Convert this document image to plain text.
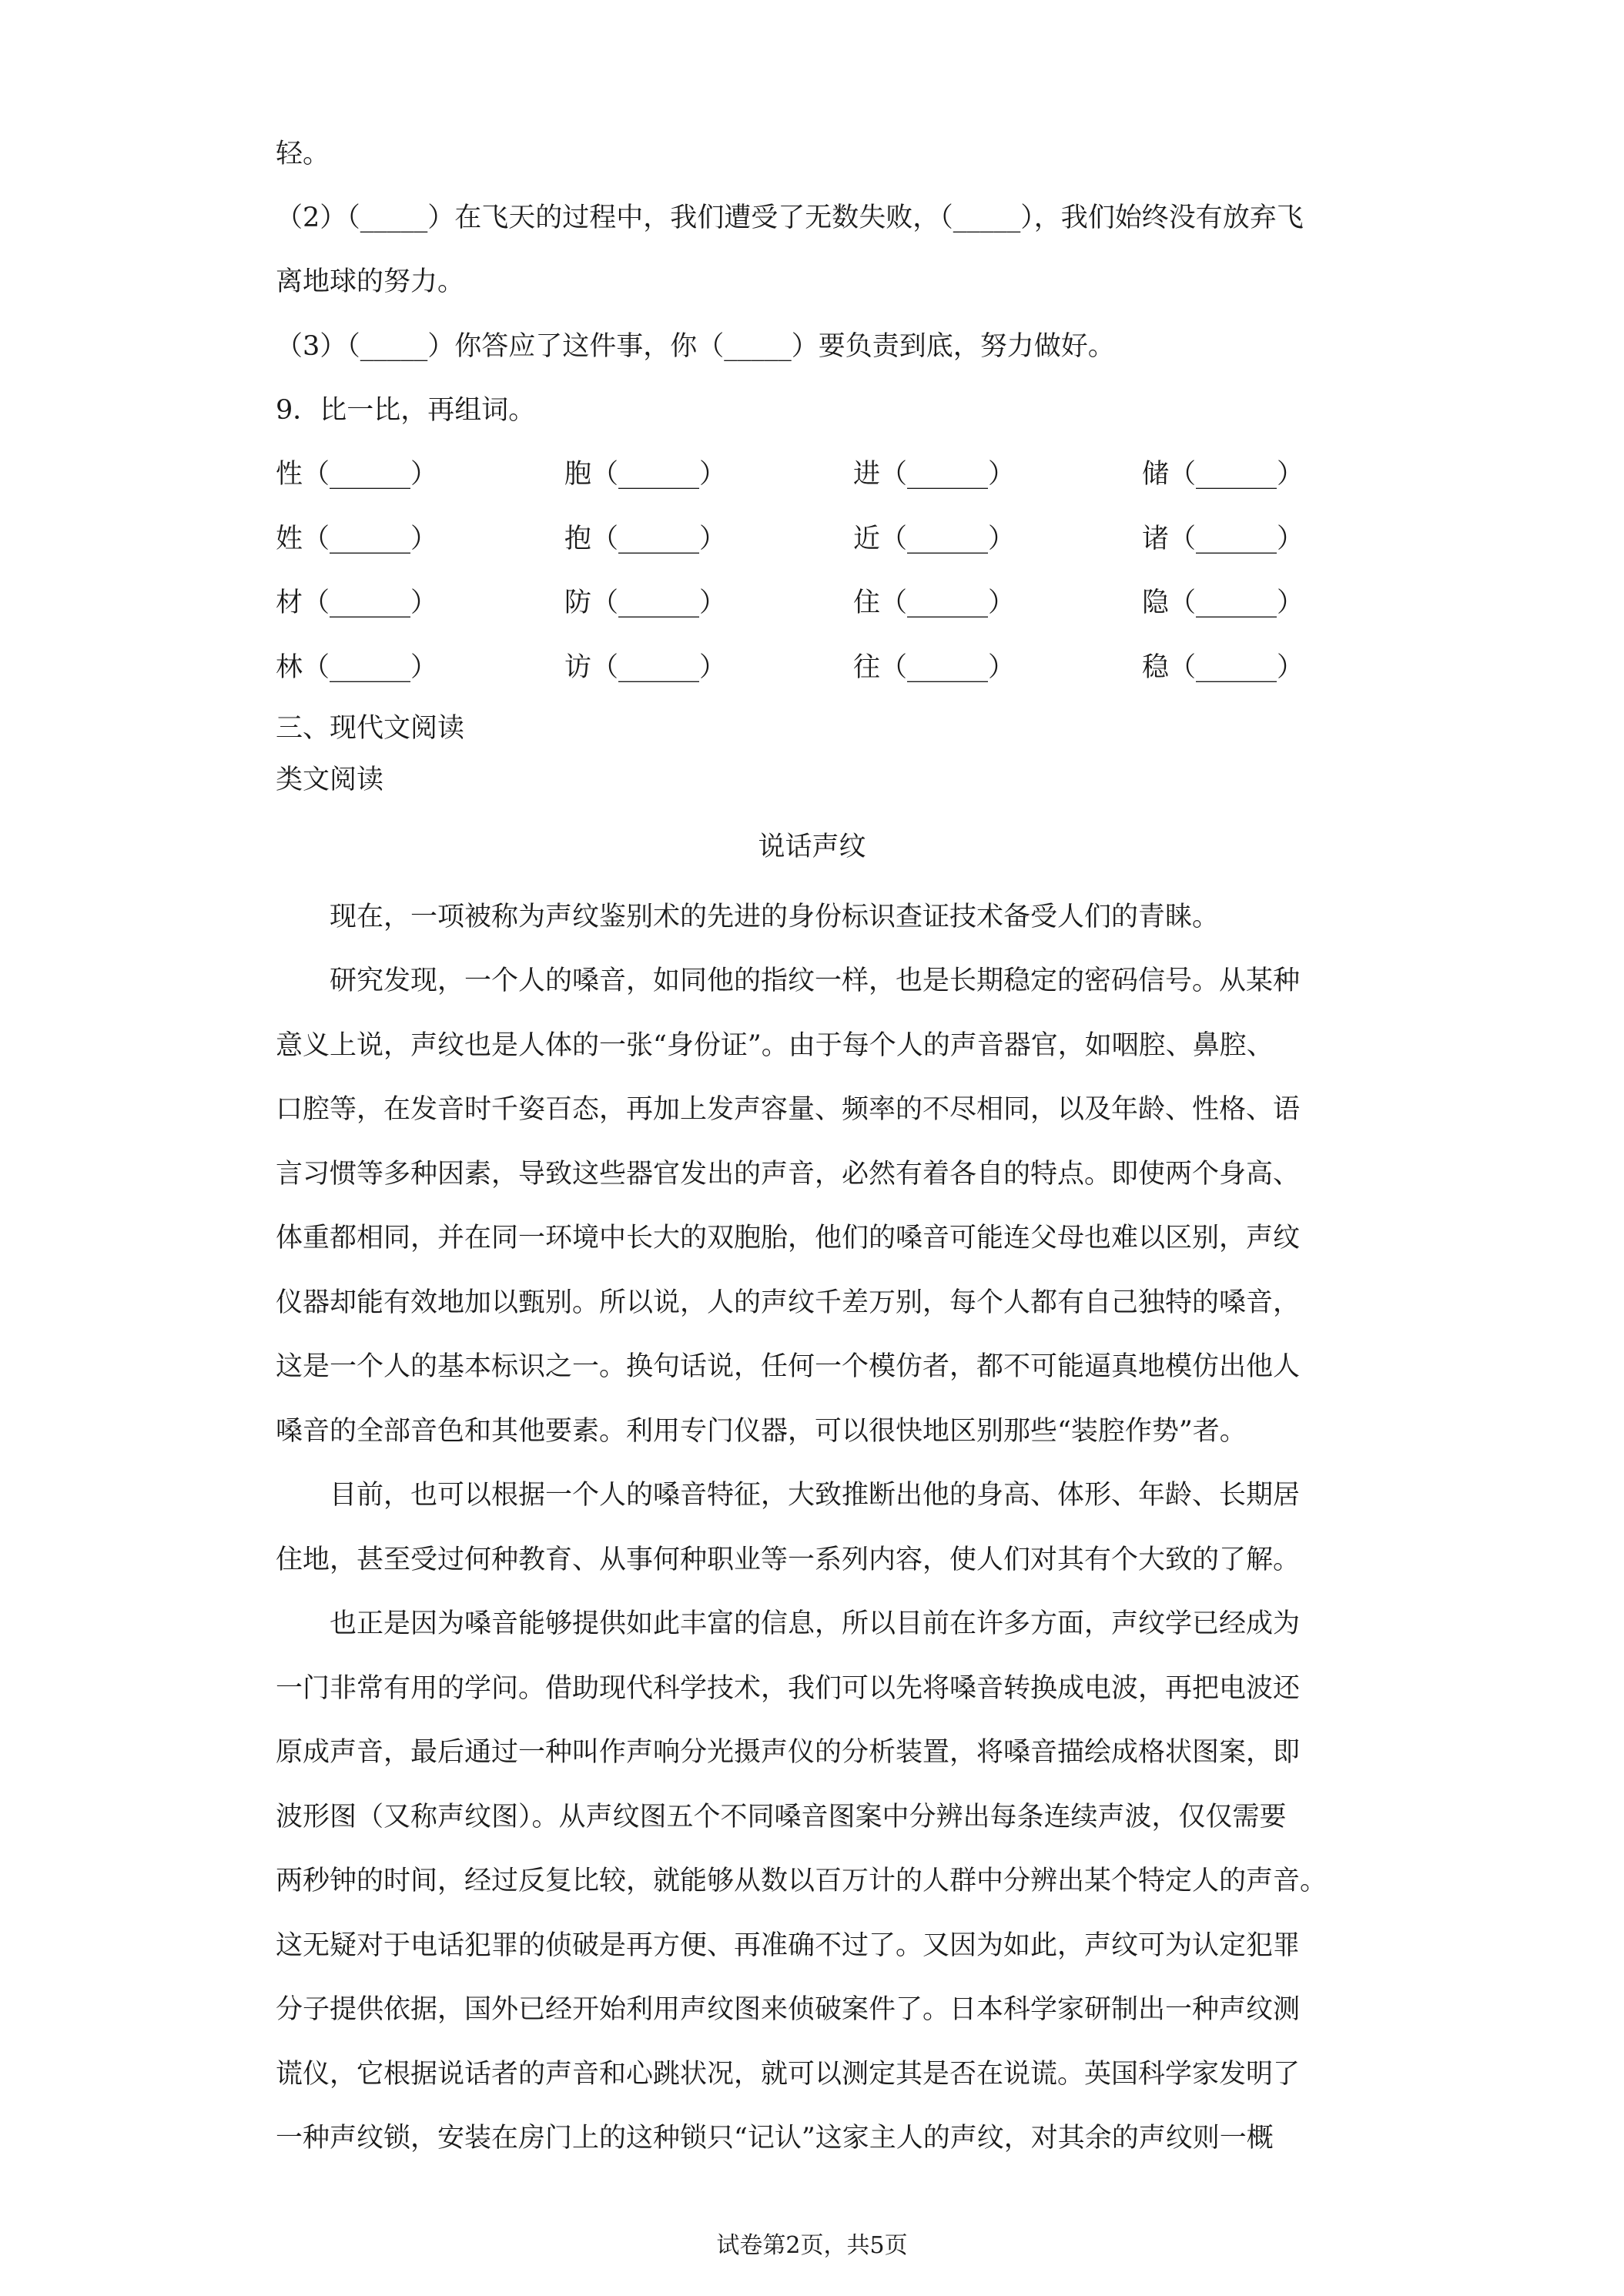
轻。
（2）（_____）在飞天的过程中，我们遭受了无数失败，（_____），我们始终没有放弃飞
离地球的努力。
（3）（_____）你答应了这件事，你（_____）要负责到底，努力做好。
9．比一比，再组词。
性（______）	胞（______）	进（______）	储（______）
姓（______）	抱（______）	近（______）	诸（______）
材（______）	防（______）	住（______）	隐（______）
林（______）	访（______）	往（______）	稳（______）
三、现代文阅读
类文阅读
说话声纹
现在，一项被称为声纹鉴别术的先进的身份标识查证技术备受人们的青睐。
研究发现，一个人的嗓音，如同他的指纹一样，也是长期稳定的密码信号。从某种
意义上说，声纹也是人体的一张“身份证”。由于每个人的声音器官，如咽腔、鼻腔、
口腔等，在发音时千姿百态，再加上发声容量、频率的不尽相同，以及年龄、性格、语
言习惯等多种因素，导致这些器官发出的声音，必然有着各自的特点。即使两个身高、
体重都相同，并在同一环境中长大的双胞胎，他们的嗓音可能连父母也难以区别，声纹
仪器却能有效地加以甄别。所以说，人的声纹千差万别，每个人都有自己独特的嗓音，
这是一个人的基本标识之一。换句话说，任何一个模仿者，都不可能逼真地模仿出他人
嗓音的全部音色和其他要素。利用专门仪器，可以很快地区别那些“装腔作势”者。
目前，也可以根据一个人的嗓音特征，大致推断出他的身高、体形、年龄、长期居
住地，甚至受过何种教育、从事何种职业等一系列内容，使人们对其有个大致的了解。
也正是因为嗓音能够提供如此丰富的信息，所以目前在许多方面，声纹学已经成为
一门非常有用的学问。借助现代科学技术，我们可以先将嗓音转换成电波，再把电波还
原成声音，最后通过一种叫作声响分光摄声仪的分析装置，将嗓音描绘成格状图案，即
波形图（又称声纹图）。从声纹图五个不同嗓音图案中分辨出每条连续声波，仅仅需要
两秒钟的时间，经过反复比较，就能够从数以百万计的人群中分辨出某个特定人的声音。
这无疑对于电话犯罪的侦破是再方便、再准确不过了。又因为如此，声纹可为认定犯罪
分子提供依据，国外已经开始利用声纹图来侦破案件了。日本科学家研制出一种声纹测
谎仪，它根据说话者的声音和心跳状况，就可以测定其是否在说谎。英国科学家发明了
一种声纹锁，安装在房门上的这种锁只“记认”这家主人的声纹，对其余的声纹则一概
试卷第2页，共5页
